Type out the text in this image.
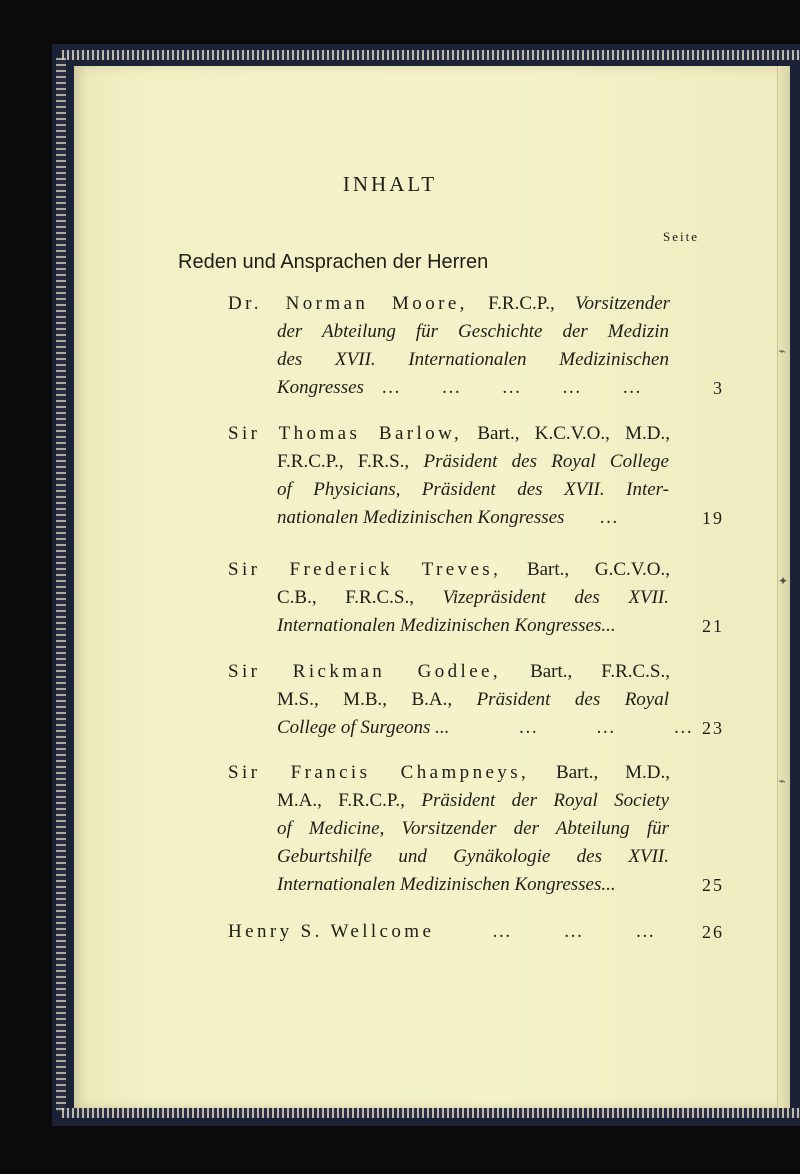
⌁
✦
⌁
INHALT
Seite
Reden und Ansprachen der Herren
Dr. Norman Moore, F.R.C.P., Vorsitzender
der Abteilung für Geschichte der Medizin
des XVII. Internationalen Medizinischen
Kongresses   …       …       …       …       …	3
Sir Thomas Barlow, Bart., K.C.V.O., M.D.,
F.R.C.P., F.R.S., Präsident des Royal College
of Physicians, Präsident des XVII. Inter-
nationalen Medizinischen Kongresses      …	19
Sir Frederick Treves, Bart., G.C.V.O.,
C.B., F.R.C.S., Vizepräsident des XVII.
Internationalen Medizinischen Kongresses...	21
Sir Rickman Godlee, Bart., F.R.C.S.,
M.S., M.B., B.A., Präsident des Royal
College of Surgeons ...            …          …          … 23
Sir Francis Champneys, Bart., M.D.,
M.A., F.R.C.P., Präsident der Royal Society
of Medicine, Vorsitzender der Abteilung für
Geburtshilfe und Gynäkologie des XVII.
Internationalen Medizinischen Kongresses...	25
Henry S. Wellcome          …         …         …	26
